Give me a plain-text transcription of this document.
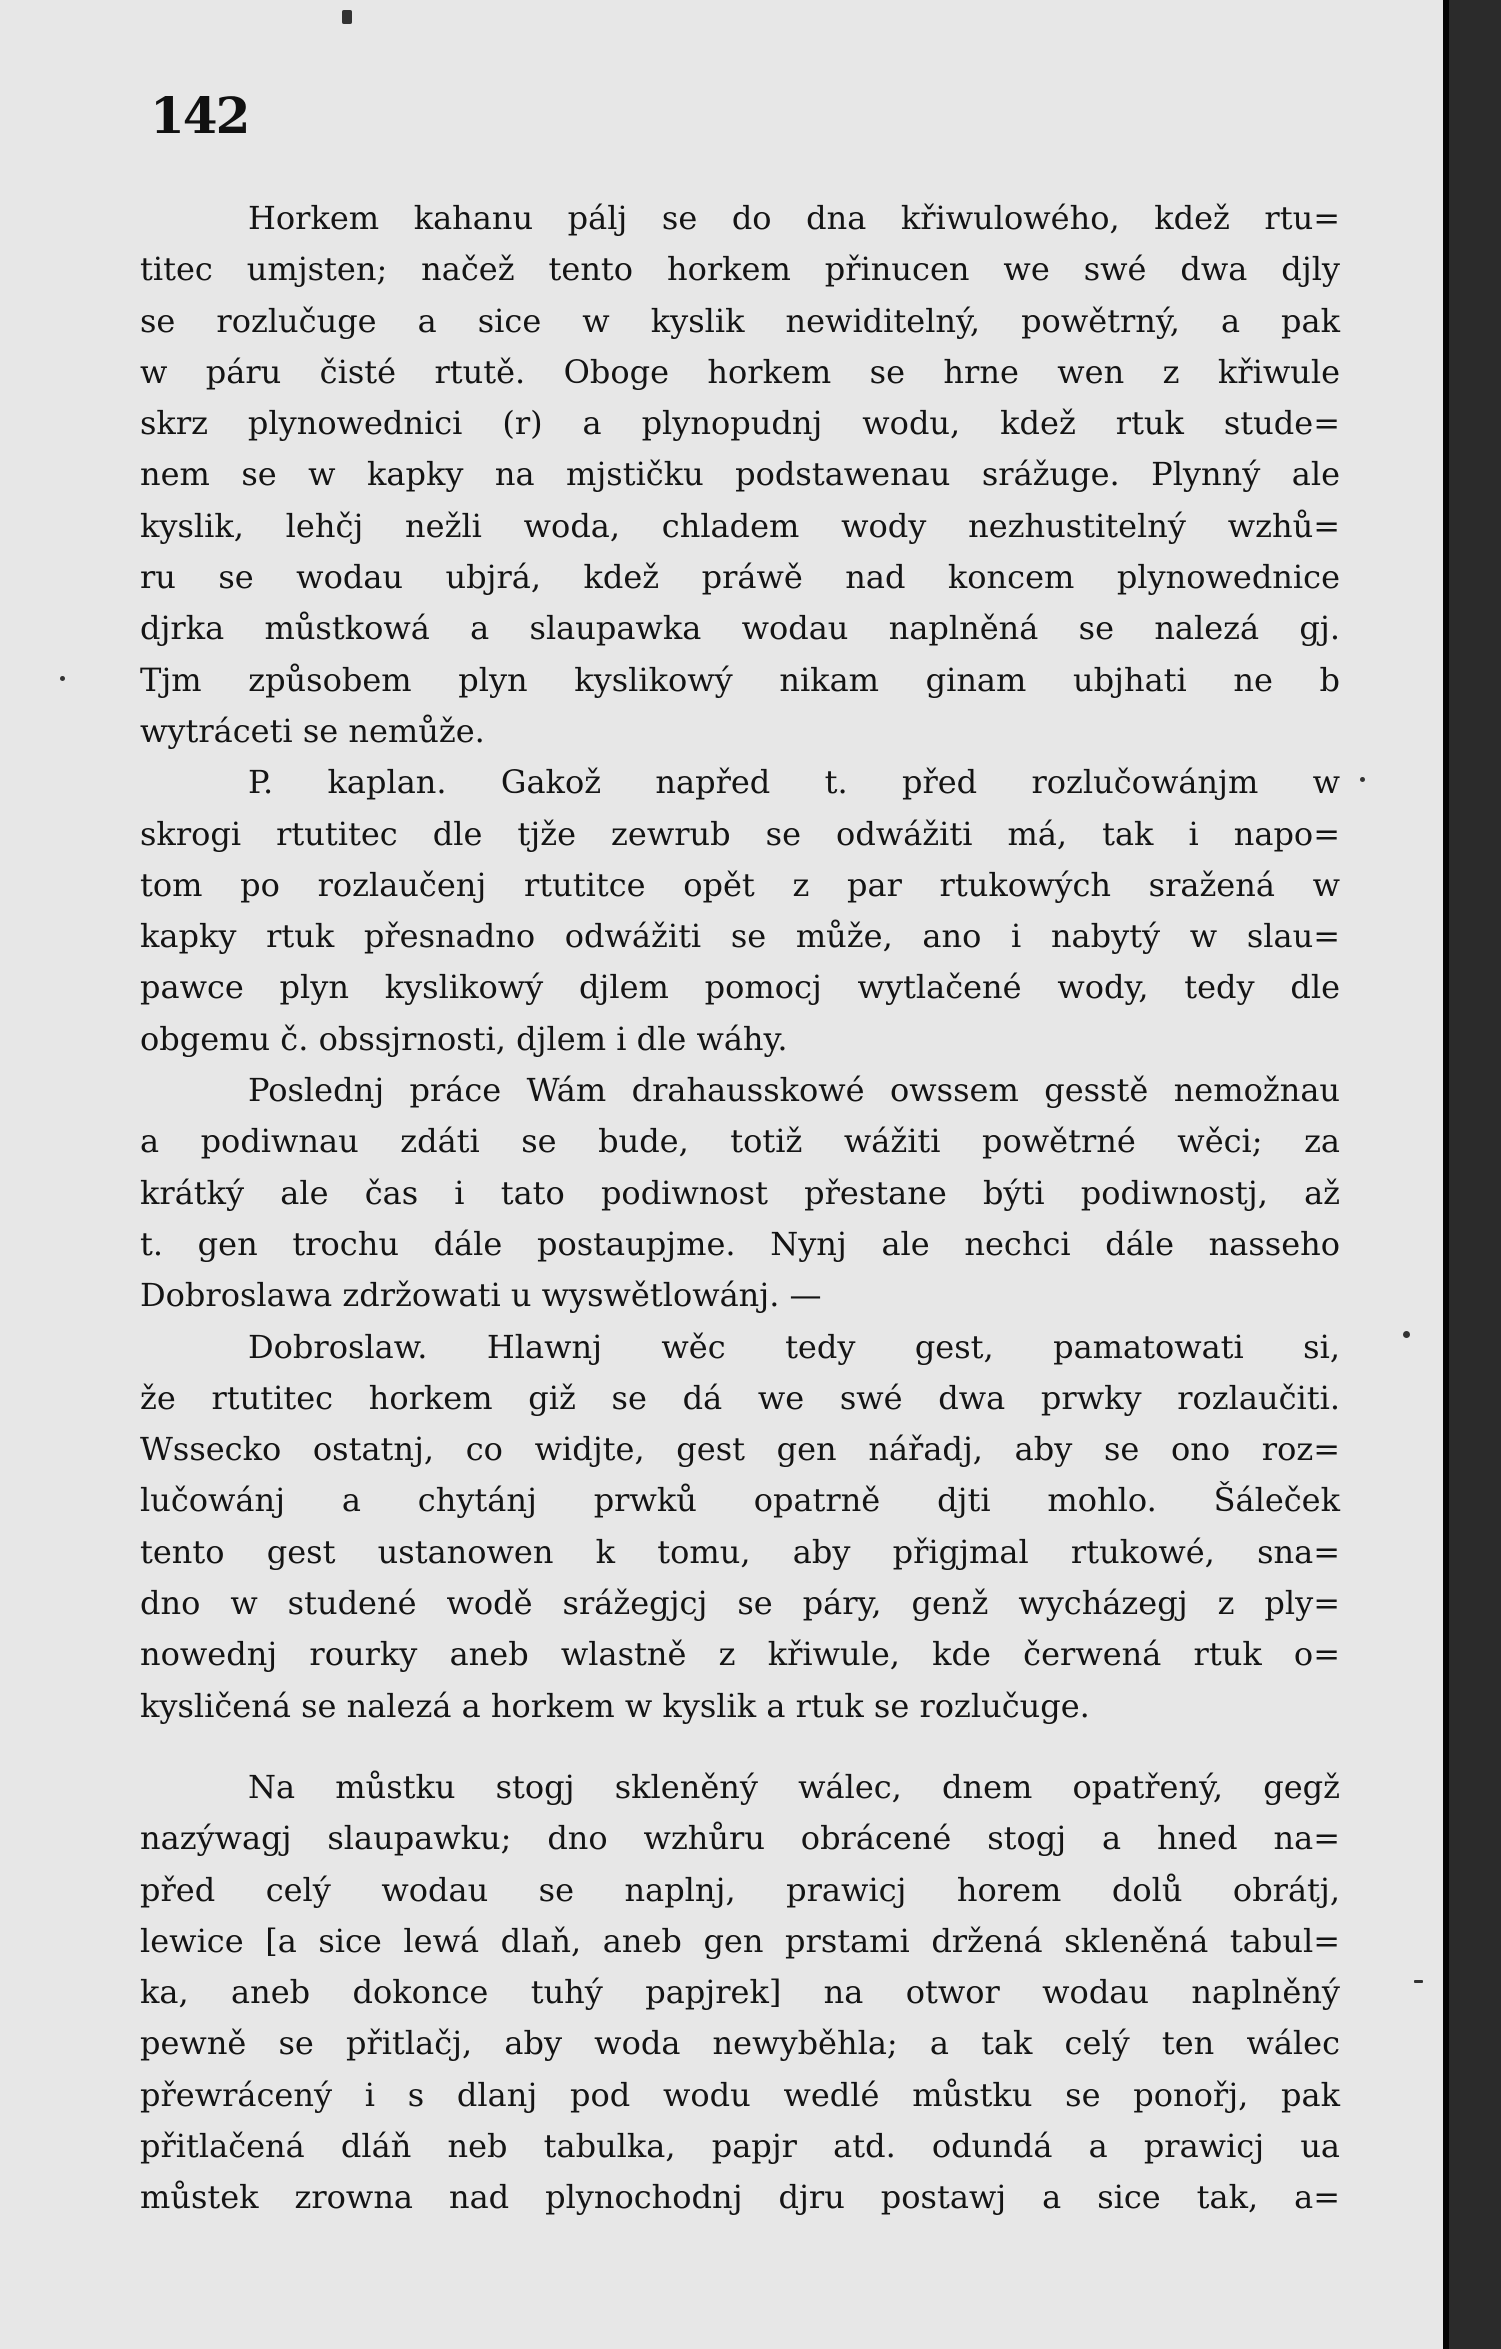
142
Horkem kahanu pálj se do dna křiwulowého, kdež rtu=
titec umjsten; načež tento horkem přinucen we swé dwa djly
se rozlučuge a sice w kyslik newiditelný, powětrný, a pak
w páru čisté rtutě. Oboge horkem se hrne wen z křiwule
skrz plynowednici (r) a plynopudnj wodu, kdež rtuk stude=
nem se w kapky na mjstičku podstawenau srážuge. Plynný ale
kyslik, lehčj nežli woda, chladem wody nezhustitelný wzhů=
ru se wodau ubjrá, kdež práwě nad koncem plynowednice
djrka můstkowá a slaupawka wodau naplněná se nalezá gj.
Tjm způsobem plyn kyslikowý nikam ginam ubjhati ne b
wytráceti se nemůže.
P. kaplan. Gakož napřed t. před rozlučowánjm w
skrogi rtutitec dle tjže zewrub se odwážiti má, tak i napo=
tom po rozlaučenj rtutitce opět z par rtukowých sražená w
kapky rtuk přesnadno odwážiti se může, ano i nabytý w slau=
pawce plyn kyslikowý djlem pomocj wytlačené wody, tedy dle
obgemu č. obssjrnosti, djlem i dle wáhy.
Poslednj práce Wám drahausskowé owssem gesstě nemožnau
a podiwnau zdáti se bude, totiž wážiti powětrné wěci; za
krátký ale čas i tato podiwnost přestane býti podiwnostj, až
t. gen trochu dále postaupjme. Nynj ale nechci dále nasseho
Dobroslawa zdržowati u wyswětlowánj. —
Dobroslaw. Hlawnj wěc tedy gest, pamatowati si,
že rtutitec horkem giž se dá we swé dwa prwky rozlaučiti.
Wssecko ostatnj, co widjte, gest gen nářadj, aby se ono roz=
lučowánj a chytánj prwků opatrně djti mohlo. Šáleček
tento gest ustanowen k tomu, aby přigjmal rtukowé, sna=
dno w studené wodě srážegjcj se páry, genž wycházegj z ply=
nowednj rourky aneb wlastně z křiwule, kde čerwená rtuk o=
kysličená se nalezá a horkem w kyslik a rtuk se rozlučuge.
Na můstku stogj skleněný wálec, dnem opatřený, gegž
nazýwagj slaupawku; dno wzhůru obrácené stogj a hned na=
před celý wodau se naplnj, prawicj horem dolů obrátj,
lewice [a sice lewá dlaň, aneb gen prstami držená skleněná tabul=
ka, aneb dokonce tuhý papjrek] na otwor wodau naplněný
pewně se přitlačj, aby woda newyběhla; a tak celý ten wálec
přewrácený i s dlanj pod wodu wedlé můstku se ponořj, pak
přitlačená dláň neb tabulka, papjr atd. odundá a prawicj ua
můstek zrowna nad plynochodnj djru postawj a sice tak, a=
